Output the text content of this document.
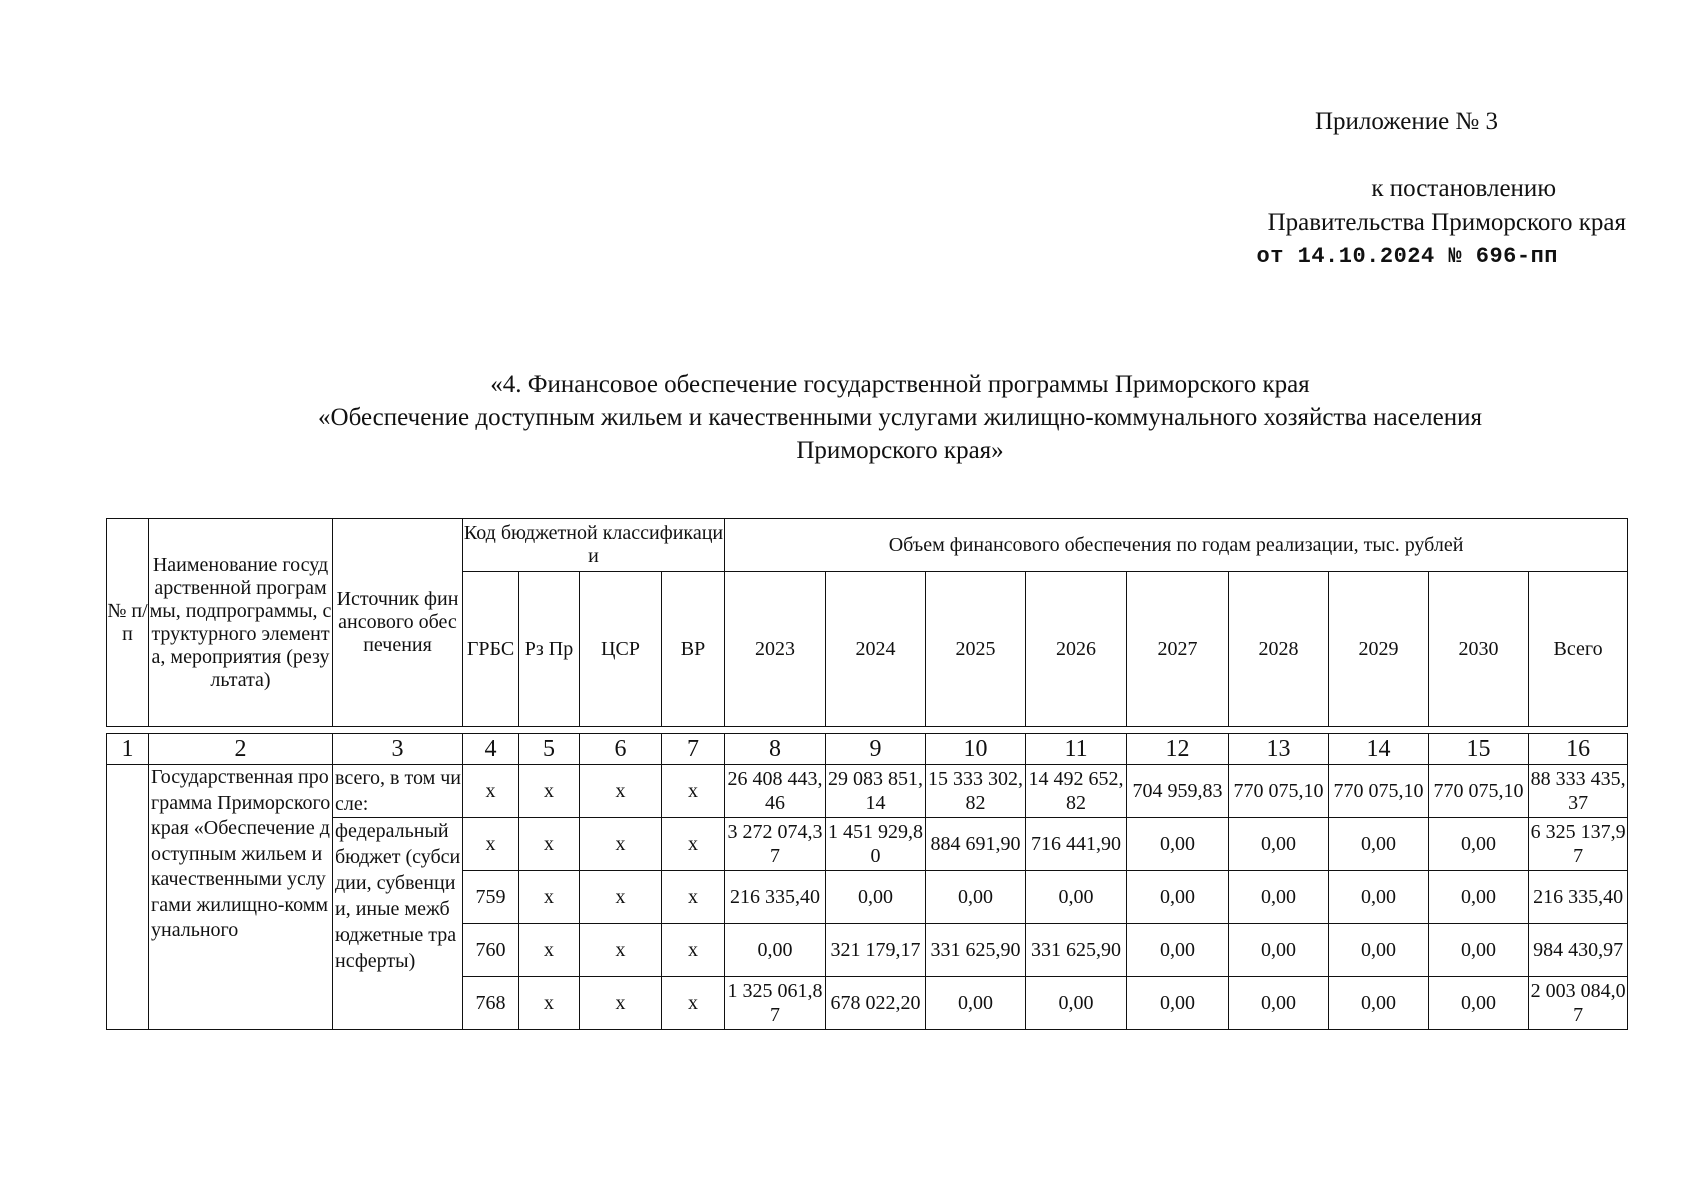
Приложение № 3
к постановлению
Правительства Приморского края
от 14.10.2024 № 696-пп
«4. Финансовое обеспечение государственной программы Приморского края
«Обеспечение доступным жильем и качественными услугами жилищно-коммунального хозяйства населения
Приморского края»
№ п/п	Наименование государственной программы, подпрограммы, структурного элемента, мероприятия (результата)	Источник финансового обеспечения	Код бюджетной классификации				Объем финансового обеспечения по годам реализации, тыс. рублей								
			ГРБС	Рз Пр	ЦСР	ВР	2023	2024	2025	2026	2027	2028	2029	2030	Всего

1	2	3	4	5	6	7	8	9	10	11	12	13	14	15	16
	Государственная программа Приморского края «Обеспечение доступным жильем и качественными услугами жилищно-коммунального	всего, в том числе:	x	x	x	x	26 408 443,46	29 083 851,14	15 333 302,82	14 492 652,82	704 959,83	770 075,10	770 075,10	770 075,10	88 333 435,37
		федеральный бюджет (субсидии, субвенции, иные межбюджетные трансферты)	x	x	x	x	3 272 074,37	1 451 929,80	884 691,90	716 441,90	0,00	0,00	0,00	0,00	6 325 137,97
			759	x	x	x	216 335,40	0,00	0,00	0,00	0,00	0,00	0,00	0,00	216 335,40
			760	x	x	x	0,00	321 179,17	331 625,90	331 625,90	0,00	0,00	0,00	0,00	984 430,97
			768	x	x	x	1 325 061,87	678 022,20	0,00	0,00	0,00	0,00	0,00	0,00	2 003 084,07
